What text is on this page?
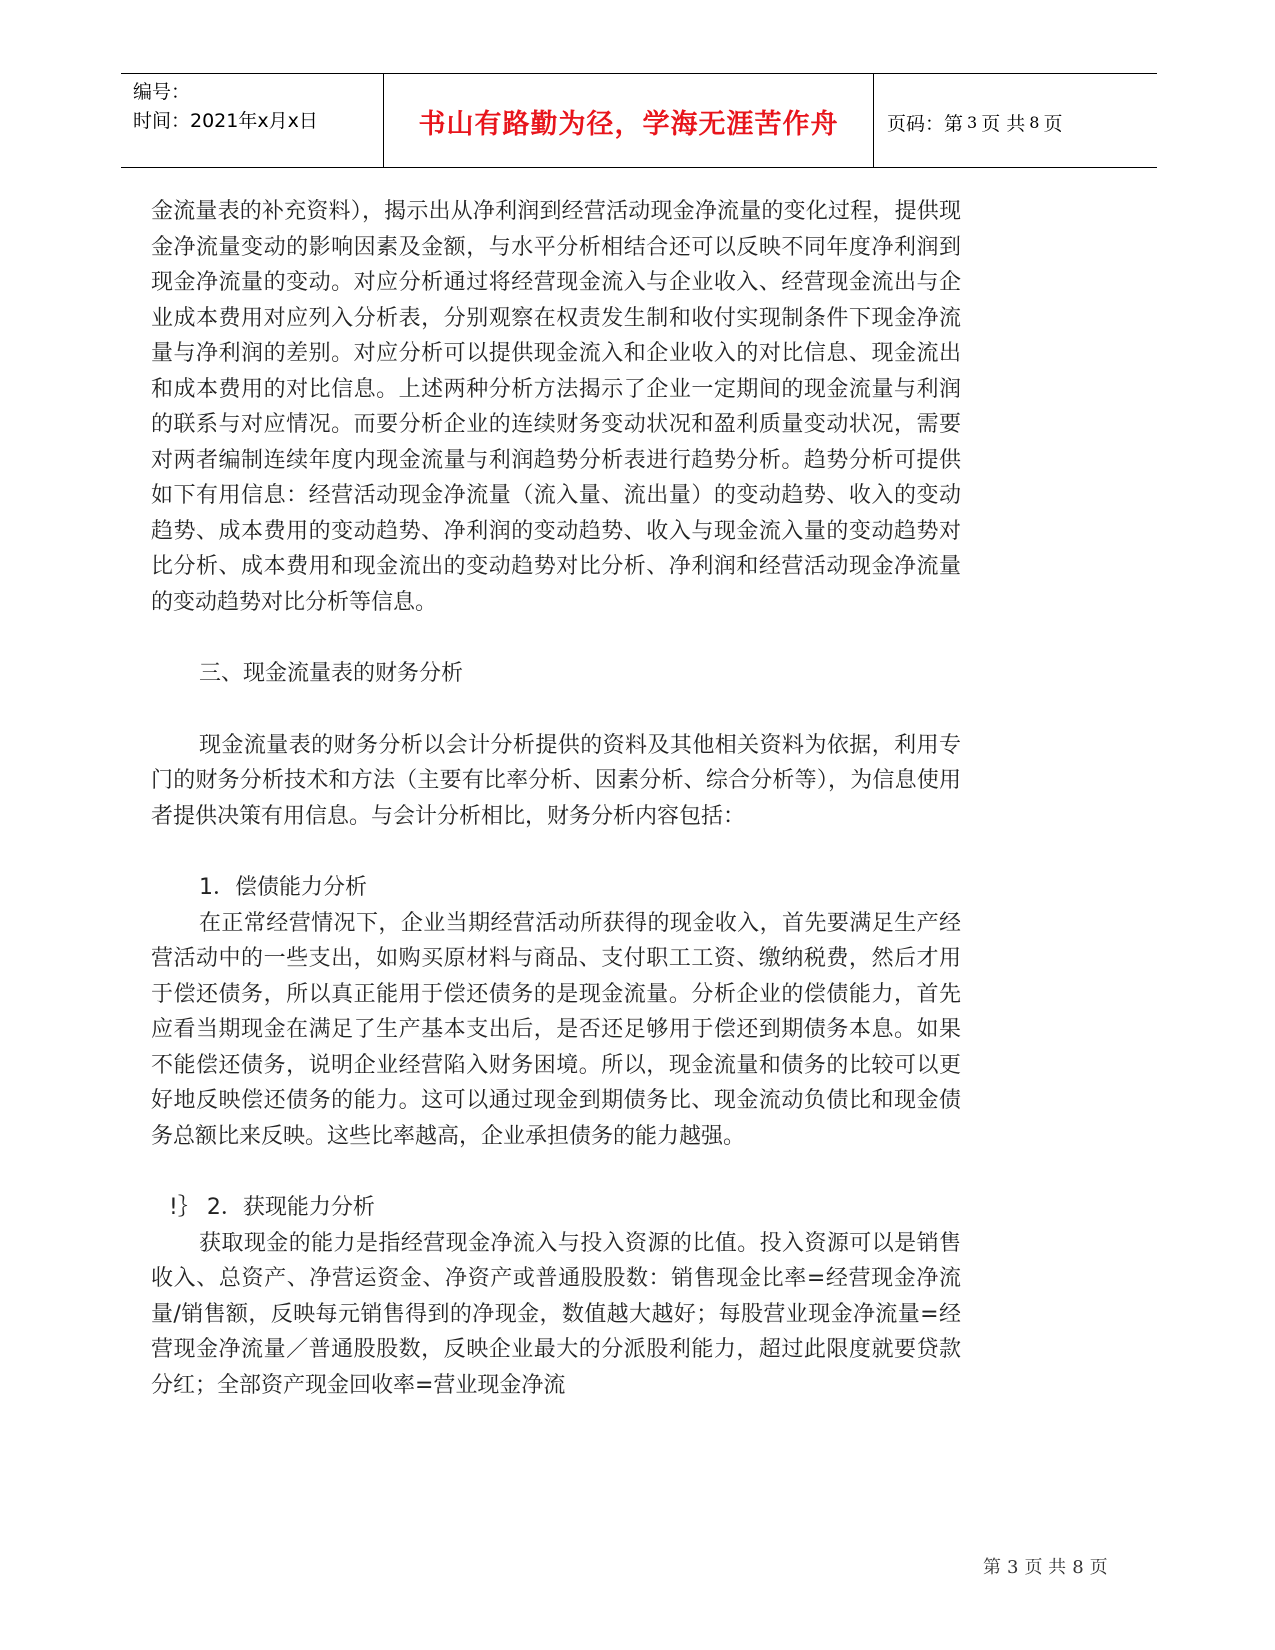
编号：
时间：2021年x月x日	书山有路勤为径，学海无涯苦作舟	页码：第 3 页 共 8 页

金流量表的补充资料），揭示出从净利润到经营活动现金净流量的变化过程，提供现金净流量变动的影响因素及金额，与水平分析相结合还可以反映不同年度净利润到现金净流量的变动。对应分析通过将经营现金流入与企业收入、经营现金流出与企业成本费用对应列入分析表，分别观察在权责发生制和收付实现制条件下现金净流量与净利润的差别。对应分析可以提供现金流入和企业收入的对比信息、现金流出和成本费用的对比信息。上述两种分析方法揭示了企业一定期间的现金流量与利润的联系与对应情况。而要分析企业的连续财务变动状况和盈利质量变动状况，需要对两者编制连续年度内现金流量与利润趋势分析表进行趋势分析。趋势分析可提供如下有用信息：经营活动现金净流量（流入量、流出量）的变动趋势、收入的变动趋势、成本费用的变动趋势、净利润的变动趋势、收入与现金流入量的变动趋势对比分析、成本费用和现金流出的变动趋势对比分析、净利润和经营活动现金净流量的变动趋势对比分析等信息。

三、现金流量表的财务分析

现金流量表的财务分析以会计分析提供的资料及其他相关资料为依据，利用专门的财务分析技术和方法（主要有比率分析、因素分析、综合分析等），为信息使用者提供决策有用信息。与会计分析相比，财务分析内容包括：

1．偿债能力分析

在正常经营情况下，企业当期经营活动所获得的现金收入，首先要满足生产经营活动中的一些支出，如购买原材料与商品、支付职工工资、缴纳税费，然后才用于偿还债务，所以真正能用于偿还债务的是现金流量。分析企业的偿债能力，首先应看当期现金在满足了生产基本支出后，是否还足够用于偿还到期债务本息。如果不能偿还债务，说明企业经营陷入财务困境。所以，现金流量和债务的比较可以更好地反映偿还债务的能力。这可以通过现金到期债务比、现金流动负债比和现金债务总额比来反映。这些比率越高，企业承担债务的能力越强。

!｝ 2．获现能力分析

获取现金的能力是指经营现金净流入与投入资源的比值。投入资源可以是销售收入、总资产、净营运资金、净资产或普通股股数：销售现金比率=经营现金净流量/销售额，反映每元销售得到的净现金，数值越大越好；每股营业现金净流量=经营现金净流量／普通股股数，反映企业最大的分派股利能力，超过此限度就要贷款分红；全部资产现金回收率=营业现金净流

第 3 页 共 8 页
